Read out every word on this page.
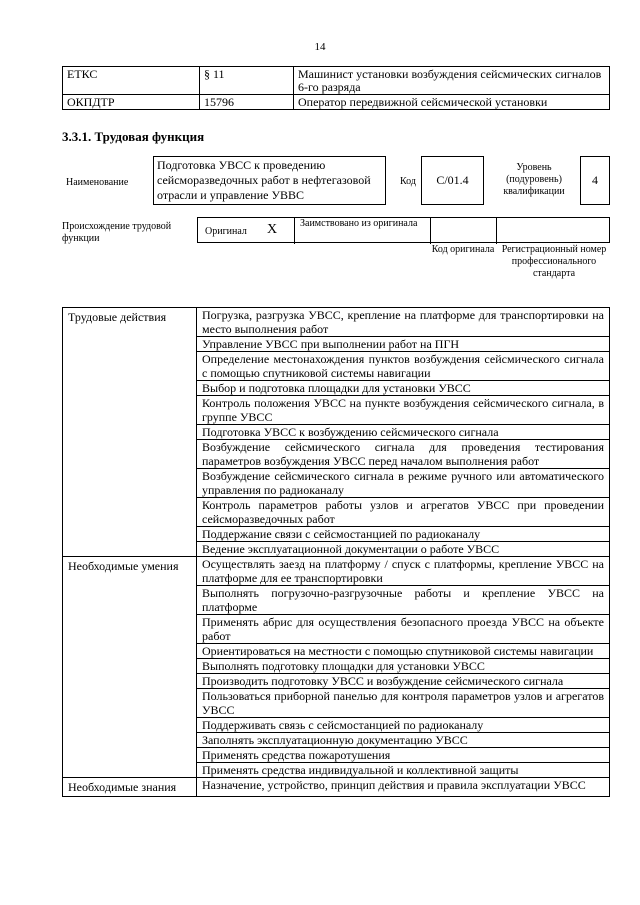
14
ЕТКС	§ 11	Машинист установки возбуждения сейсмических сигналов 6-го разряда
ОКПДТР	15796	Оператор передвижной сейсмической установки
3.3.1. Трудовая функция
Наименование
Подготовка УВСС к проведению сейсморазведочных работ в нефтегазовой отрасли и управление УВВС
Код	C/01.4
Уровень (подуровень) квалификации
4
Происхождение трудовой функции
Оригинал X Заимствовано из оригинала
Код оригинала Регистрационный номер профессионального стандарта
Трудовые действия	Погрузка, разгрузка УВСС, крепление на платформе для транспортировки на место выполнения работ
	Управление УВСС при выполнении работ на ПГН
	Определение местонахождения пунктов возбуждения сейсмического сигнала с помощью спутниковой системы навигации
	Выбор и подготовка площадки для установки УВСС
	Контроль положения УВСС на пункте возбуждения сейсмического сигнала, в группе УВСС
	Подготовка УВСС к возбуждению сейсмического сигнала
	Возбуждение сейсмического сигнала для проведения тестирования параметров возбуждения УВСС перед началом выполнения работ
	Возбуждение сейсмического сигнала в режиме ручного или автоматического управления по радиоканалу
	Контроль параметров работы узлов и агрегатов УВСС при проведении сейсморазведочных работ
	Поддержание связи с сейсмостанцией по радиоканалу
	Ведение эксплуатационной документации о работе УВСС
Необходимые умения	Осуществлять заезд на платформу / спуск с платформы, крепление УВСС на платформе для ее транспортировки
	Выполнять погрузочно-разгрузочные работы и крепление УВСС на платформе
	Применять абрис для осуществления безопасного проезда УВСС на объекте работ
	Ориентироваться на местности с помощью спутниковой системы навигации
	Выполнять подготовку площадки для установки УВСС
	Производить подготовку УВСС и возбуждение сейсмического сигнала
	Пользоваться приборной панелью для контроля параметров узлов и агрегатов УВСС
	Поддерживать связь с сейсмостанцией по радиоканалу
	Заполнять эксплуатационную документацию УВСС
	Применять средства пожаротушения
	Применять средства индивидуальной и коллективной защиты
Необходимые знания	Назначение, устройство, принцип действия и правила эксплуатации УВСС
